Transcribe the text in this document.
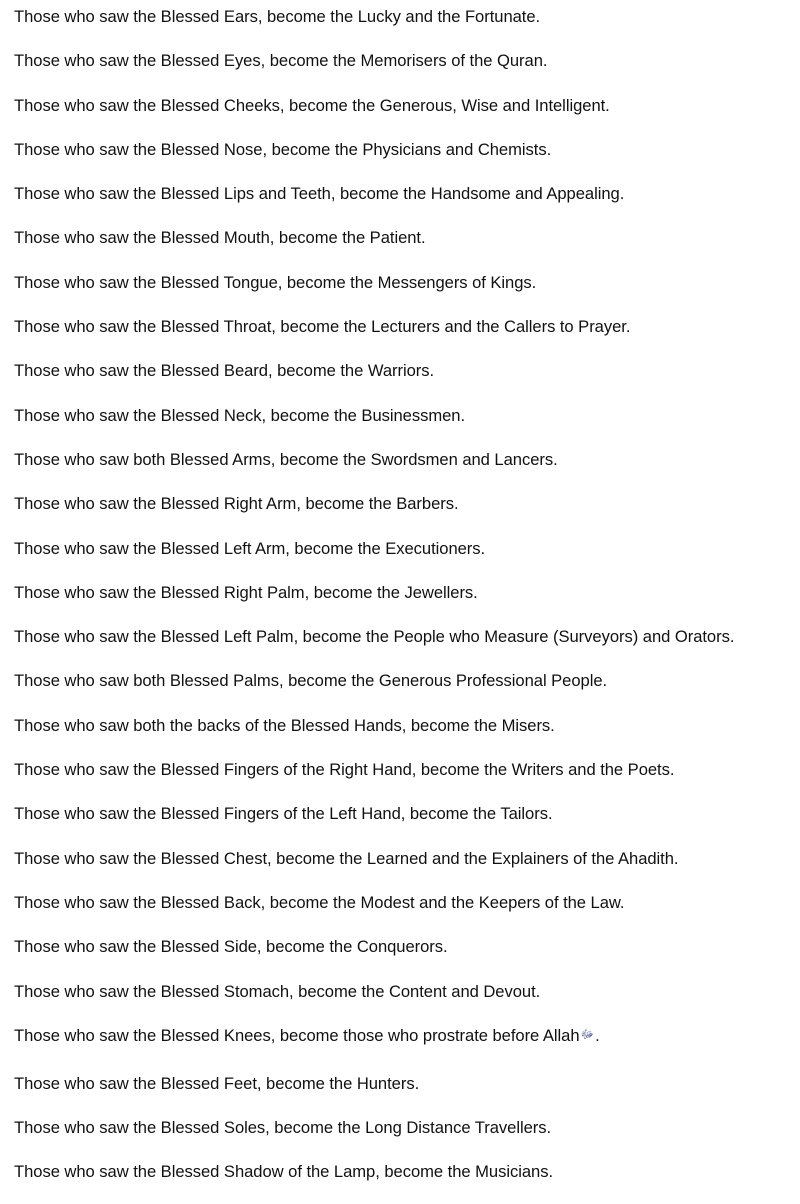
Those who saw the Blessed Ears, become the Lucky and the Fortunate.
Those who saw the Blessed Eyes, become the Memorisers of the Quran.
Those who saw the Blessed Cheeks, become the Generous, Wise and Intelligent.
Those who saw the Blessed Nose, become the Physicians and Chemists.
Those who saw the Blessed Lips and Teeth, become the Handsome and Appealing.
Those who saw the Blessed Mouth, become the Patient.
Those who saw the Blessed Tongue, become the Messengers of Kings.
Those who saw the Blessed Throat, become the Lecturers and the Callers to Prayer.
Those who saw the Blessed Beard, become the Warriors.
Those who saw the Blessed Neck, become the Businessmen.
Those who saw both Blessed Arms, become the Swordsmen and Lancers.
Those who saw the Blessed Right Arm, become the Barbers.
Those who saw the Blessed Left Arm, become the Executioners.
Those who saw the Blessed Right Palm, become the Jewellers.
Those who saw the Blessed Left Palm, become the People who Measure (Surveyors) and Orators.
Those who saw both Blessed Palms, become the Generous Professional People.
Those who saw both the backs of the Blessed Hands, become the Misers.
Those who saw the Blessed Fingers of the Right Hand, become the Writers and the Poets.
Those who saw the Blessed Fingers of the Left Hand, become the Tailors.
Those who saw the Blessed Chest, become the Learned and the Explainers of the Ahadith.
Those who saw the Blessed Back, become the Modest and the Keepers of the Law.
Those who saw the Blessed Side, become the Conquerors.
Those who saw the Blessed Stomach, become the Content and Devout.
Those who saw the Blessed Knees, become those who prostrate before Allahﷻ.
Those who saw the Blessed Feet, become the Hunters.
Those who saw the Blessed Soles, become the Long Distance Travellers.
Those who saw the Blessed Shadow of the Lamp, become the Musicians.
